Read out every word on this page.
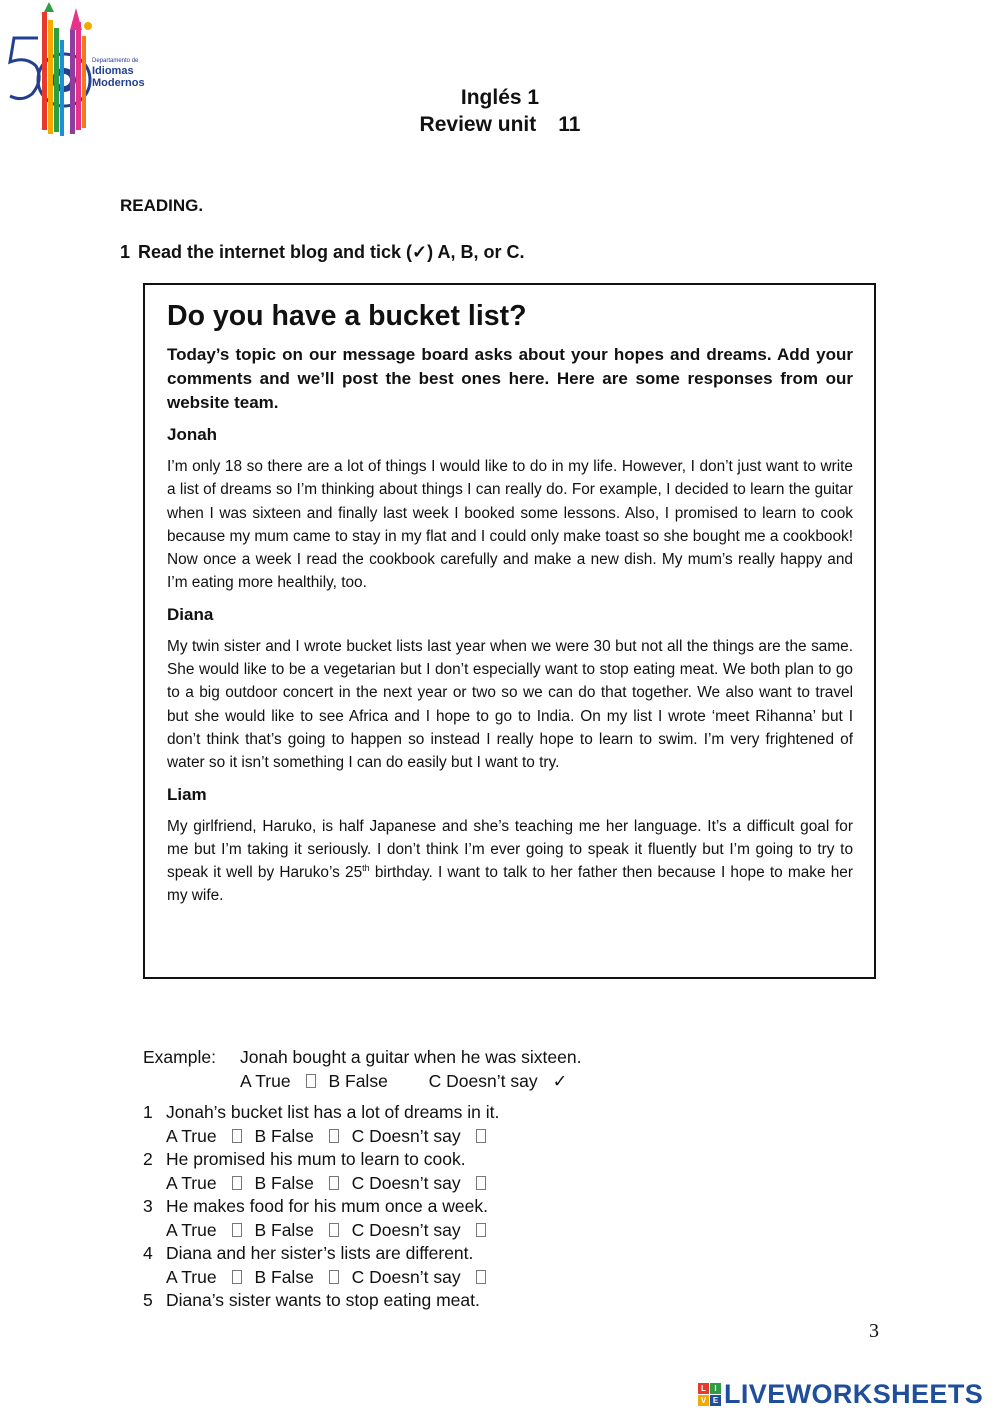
Departamento de
Idiomas
Modernos
Inglés 1
Review unit 11
READING.
1 Read the internet blog and tick (✓) A, B, or C.
Do you have a bucket list?
Today’s topic on our message board asks about your hopes and dreams. Add your comments and we’ll post the best ones here. Here are some responses from our website team.
Jonah
I’m only 18 so there are a lot of things I would like to do in my life. However, I don’t just want to write a list of dreams so I’m thinking about things I can really do. For example, I decided to learn the guitar when I was sixteen and finally last week I booked some lessons. Also, I promised to learn to cook because my mum came to stay in my flat and I could only make toast so she bought me a cookbook! Now once a week I read the cookbook carefully and make a new dish. My mum’s really happy and I’m eating more healthily, too.
Diana
My twin sister and I wrote bucket lists last year when we were 30 but not all the things are the same. She would like to be a vegetarian but I don’t especially want to stop eating meat. We both plan to go to a big outdoor concert in the next year or two so we can do that together. We also want to travel but she would like to see Africa and I hope to go to India. On my list I wrote ‘meet Rihanna’ but I don’t think that’s going to happen so instead I really hope to learn to swim. I’m very frightened of water so it isn’t something I can do easily but I want to try.
Liam
My girlfriend, Haruko, is half Japanese and she’s teaching me her language. It’s a difficult goal for me but I’m taking it seriously. I don’t think I’m ever going to speak it fluently but I’m going to try to speak it well by Haruko’s 25th birthday. I want to talk to her father then because I hope to make her my wife.
Example: Jonah bought a guitar when he was sixteen.
A True B False C Doesn’t say ✓
1 Jonah’s bucket list has a lot of dreams in it.
A True B False C Doesn’t say
2 He promised his mum to learn to cook.
A True B False C Doesn’t say
3 He makes food for his mum once a week.
A True B False C Doesn’t say
4 Diana and her sister’s lists are different.
A True B False C Doesn’t say
5 Diana’s sister wants to stop eating meat.
3
L	I
V E LIVEWORKSHEETS
